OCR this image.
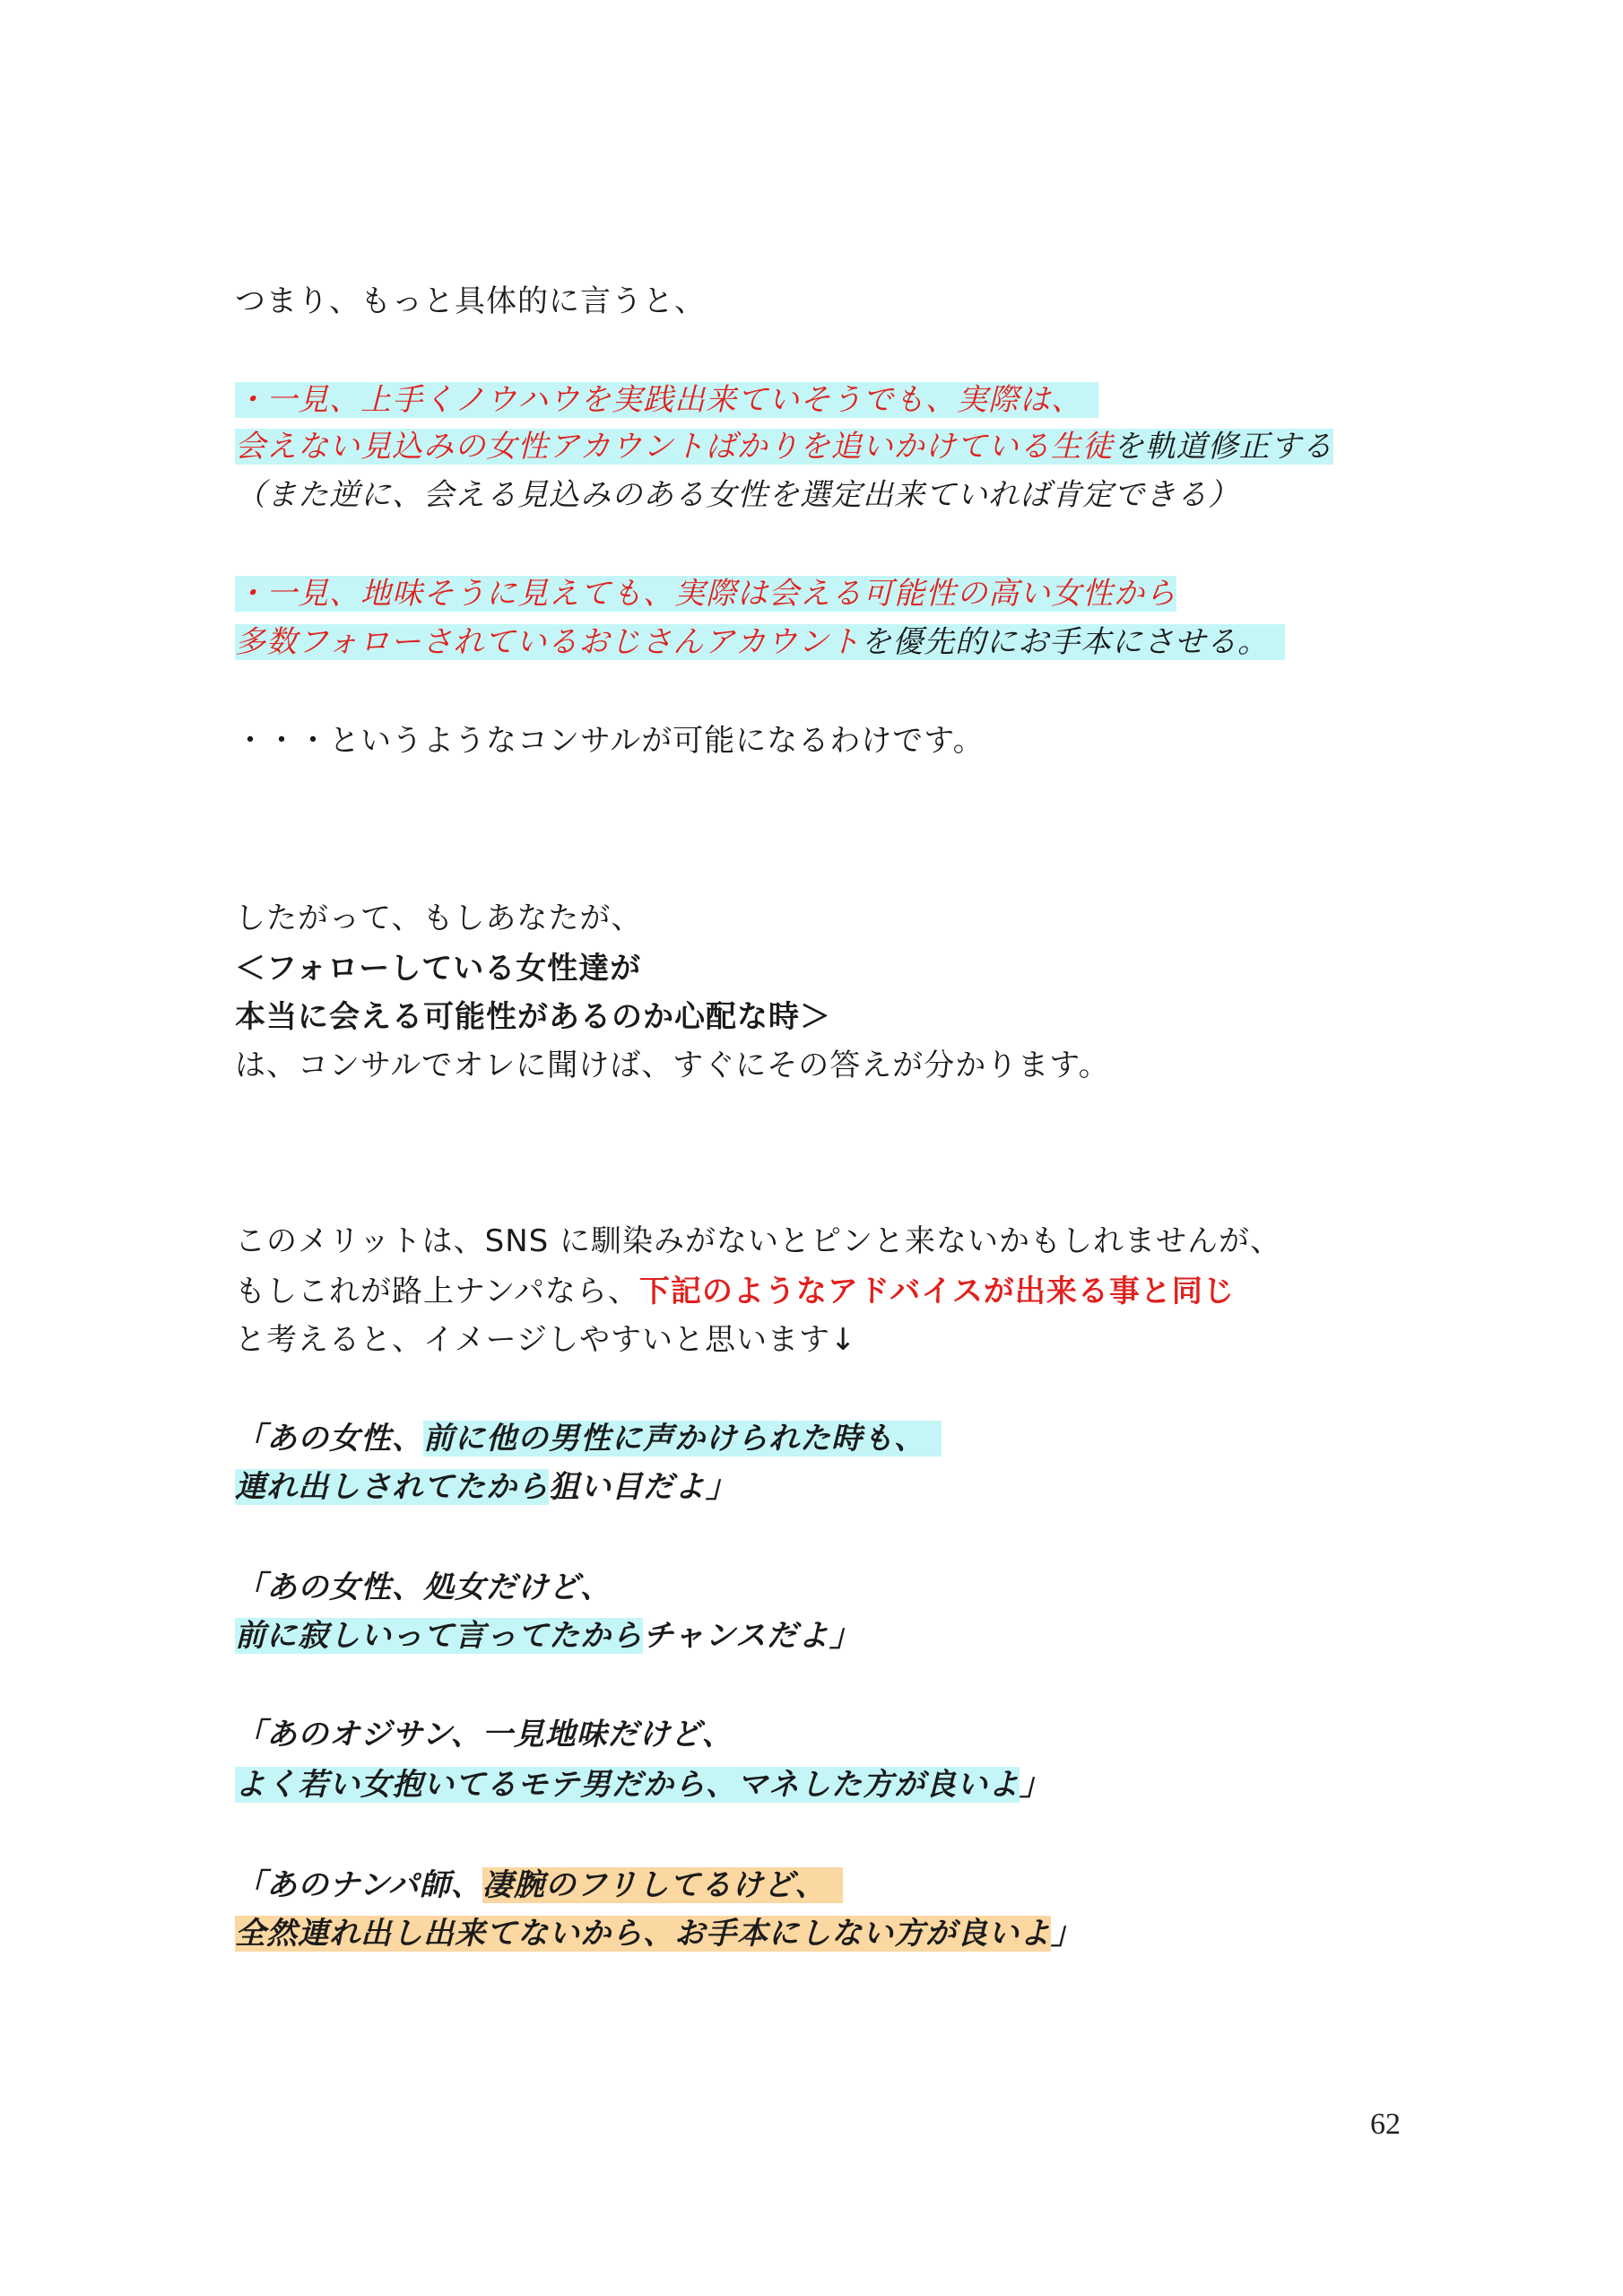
つまり、もっと具体的に言うと、
・一見、上手くノウハウを実践出来ていそうでも、実際は、
会えない見込みの女性アカウントばかりを追いかけている生徒を軌道修正する
（また逆に、会える見込みのある女性を選定出来ていれば肯定できる）
・一見、地味そうに見えても、実際は会える可能性の高い女性から
多数フォローされているおじさんアカウントを優先的にお手本にさせる。
・・・というようなコンサルが可能になるわけです。
したがって、もしあなたが、
＜フォローしている女性達が
本当に会える可能性があるのか心配な時＞
は、コンサルでオレに聞けば、すぐにその答えが分かります。
このメリットは、SNS に馴染みがないとピンと来ないかもしれませんが、
もしこれが路上ナンパなら、下記のようなアドバイスが出来る事と同じ
と考えると、イメージしやすいと思います↓
「あの女性、前に他の男性に声かけられた時も、
連れ出しされてたから狙い目だよ」
「あの女性、処女だけど、
前に寂しいって言ってたからチャンスだよ」
「あのオジサン、一見地味だけど、
よく若い女抱いてるモテ男だから、マネした方が良いよ」
「あのナンパ師、凄腕のフリしてるけど、
全然連れ出し出来てないから、お手本にしない方が良いよ」
62
